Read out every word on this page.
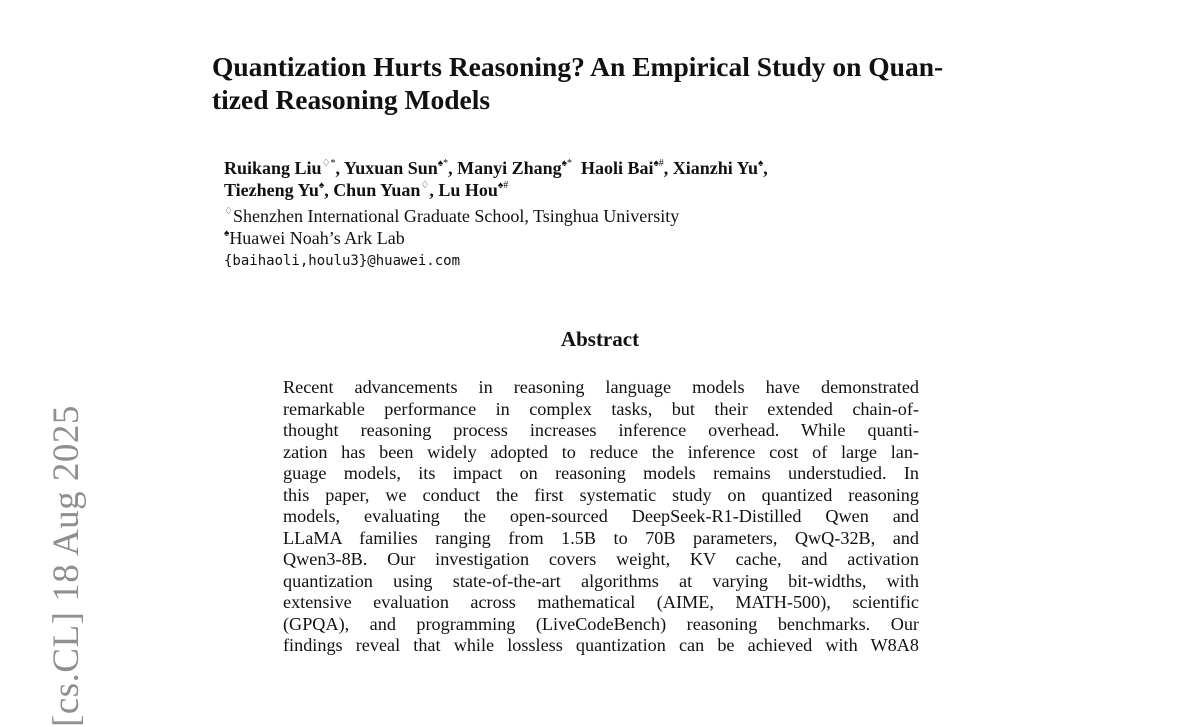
Quantization Hurts Reasoning? An Empirical Study on Quan-
tized Reasoning Models
Ruikang Liu♢*, Yuxuan Sun♠*, Manyi Zhang♠* Haoli Bai♠#, Xianzhi Yu♠,
Tiezheng Yu♠, Chun Yuan♢, Lu Hou♠#
♢Shenzhen International Graduate School, Tsinghua University
♠Huawei Noah’s Ark Lab
{baihaoli,houlu3}@huawei.com
Abstract
Recent advancements in reasoning language models have demonstrated
remarkable performance in complex tasks, but their extended chain-of-
thought reasoning process increases inference overhead. While quanti-
zation has been widely adopted to reduce the inference cost of large lan-
guage models, its impact on reasoning models remains understudied. In
this paper, we conduct the first systematic study on quantized reasoning
models, evaluating the open-sourced DeepSeek-R1-Distilled Qwen and
LLaMA families ranging from 1.5B to 70B parameters, QwQ-32B, and
Qwen3-8B. Our investigation covers weight, KV cache, and activation
quantization using state-of-the-art algorithms at varying bit-widths, with
extensive evaluation across mathematical (AIME, MATH-500), scientific
(GPQA), and programming (LiveCodeBench) reasoning benchmarks. Our
findings reveal that while lossless quantization can be achieved with W8A8
[cs.CL] 18 Aug 2025
